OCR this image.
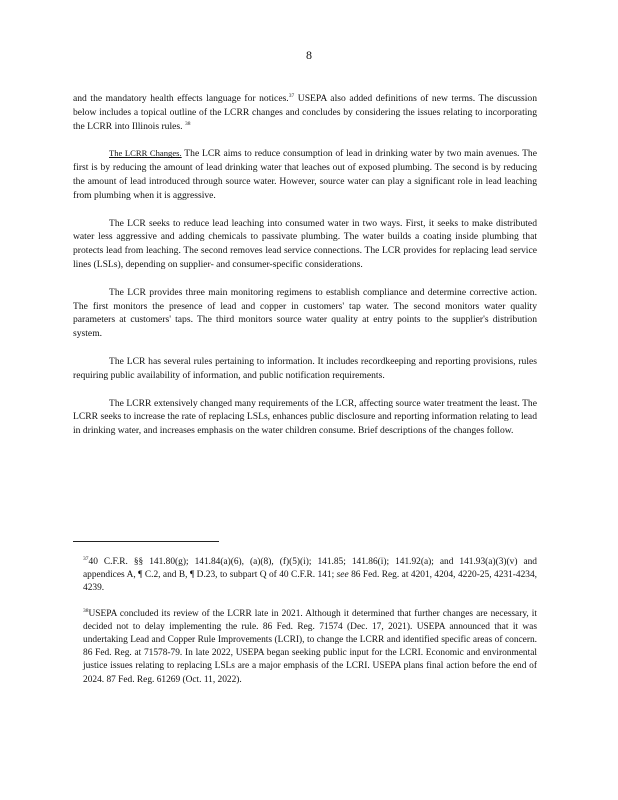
8

and the mandatory health effects language for notices.$^{37}$ USEPA also added definitions of new terms. The discussion below includes a topical outline of the LCRR changes and concludes by considering the issues relating to incorporating the LCRR into Illinois rules. $^{38}$

The LCRR Changes. The LCR aims to reduce consumption of lead in drinking water by two main avenues. The first is by reducing the amount of lead drinking water that leaches out of exposed plumbing. The second is by reducing the amount of lead introduced through source water. However, source water can play a significant role in lead leaching from plumbing when it is aggressive.

The LCR seeks to reduce lead leaching into consumed water in two ways. First, it seeks to make distributed water less aggressive and adding chemicals to passivate plumbing. The water builds a coating inside plumbing that protects lead from leaching. The second removes lead service connections. The LCR provides for replacing lead service lines (LSLs), depending on supplier- and consumer-specific considerations.

The LCR provides three main monitoring regimens to establish compliance and determine corrective action. The first monitors the presence of lead and copper in customers' tap water. The second monitors water quality parameters at customers' taps. The third monitors source water quality at entry points to the supplier's distribution system.

The LCR has several rules pertaining to information. It includes recordkeeping and reporting provisions, rules requiring public availability of information, and public notification requirements.

The LCRR extensively changed many requirements of the LCR, affecting source water treatment the least. The LCRR seeks to increase the rate of replacing LSLs, enhances public disclosure and reporting information relating to lead in drinking water, and increases emphasis on the water children consume. Brief descriptions of the changes follow.

$^{37}$40 C.F.R. §§ 141.80(g); 141.84(a)(6), (a)(8), (f)(5)(i); 141.85; 141.86(i); 141.92(a); and 141.93(a)(3)(v) and appendices A, ¶ C.2, and B, ¶ D.23, to subpart Q of 40 C.F.R. 141; see 86 Fed. Reg. at 4201, 4204, 4220-25, 4231-4234, 4239.

$^{38}$USEPA concluded its review of the LCRR late in 2021. Although it determined that further changes are necessary, it decided not to delay implementing the rule. 86 Fed. Reg. 71574 (Dec. 17, 2021). USEPA announced that it was undertaking Lead and Copper Rule Improvements (LCRI), to change the LCRR and identified specific areas of concern. 86 Fed. Reg. at 71578-79. In late 2022, USEPA began seeking public input for the LCRI. Economic and environmental justice issues relating to replacing LSLs are a major emphasis of the LCRI. USEPA plans final action before the end of 2024. 87 Fed. Reg. 61269 (Oct. 11, 2022).
